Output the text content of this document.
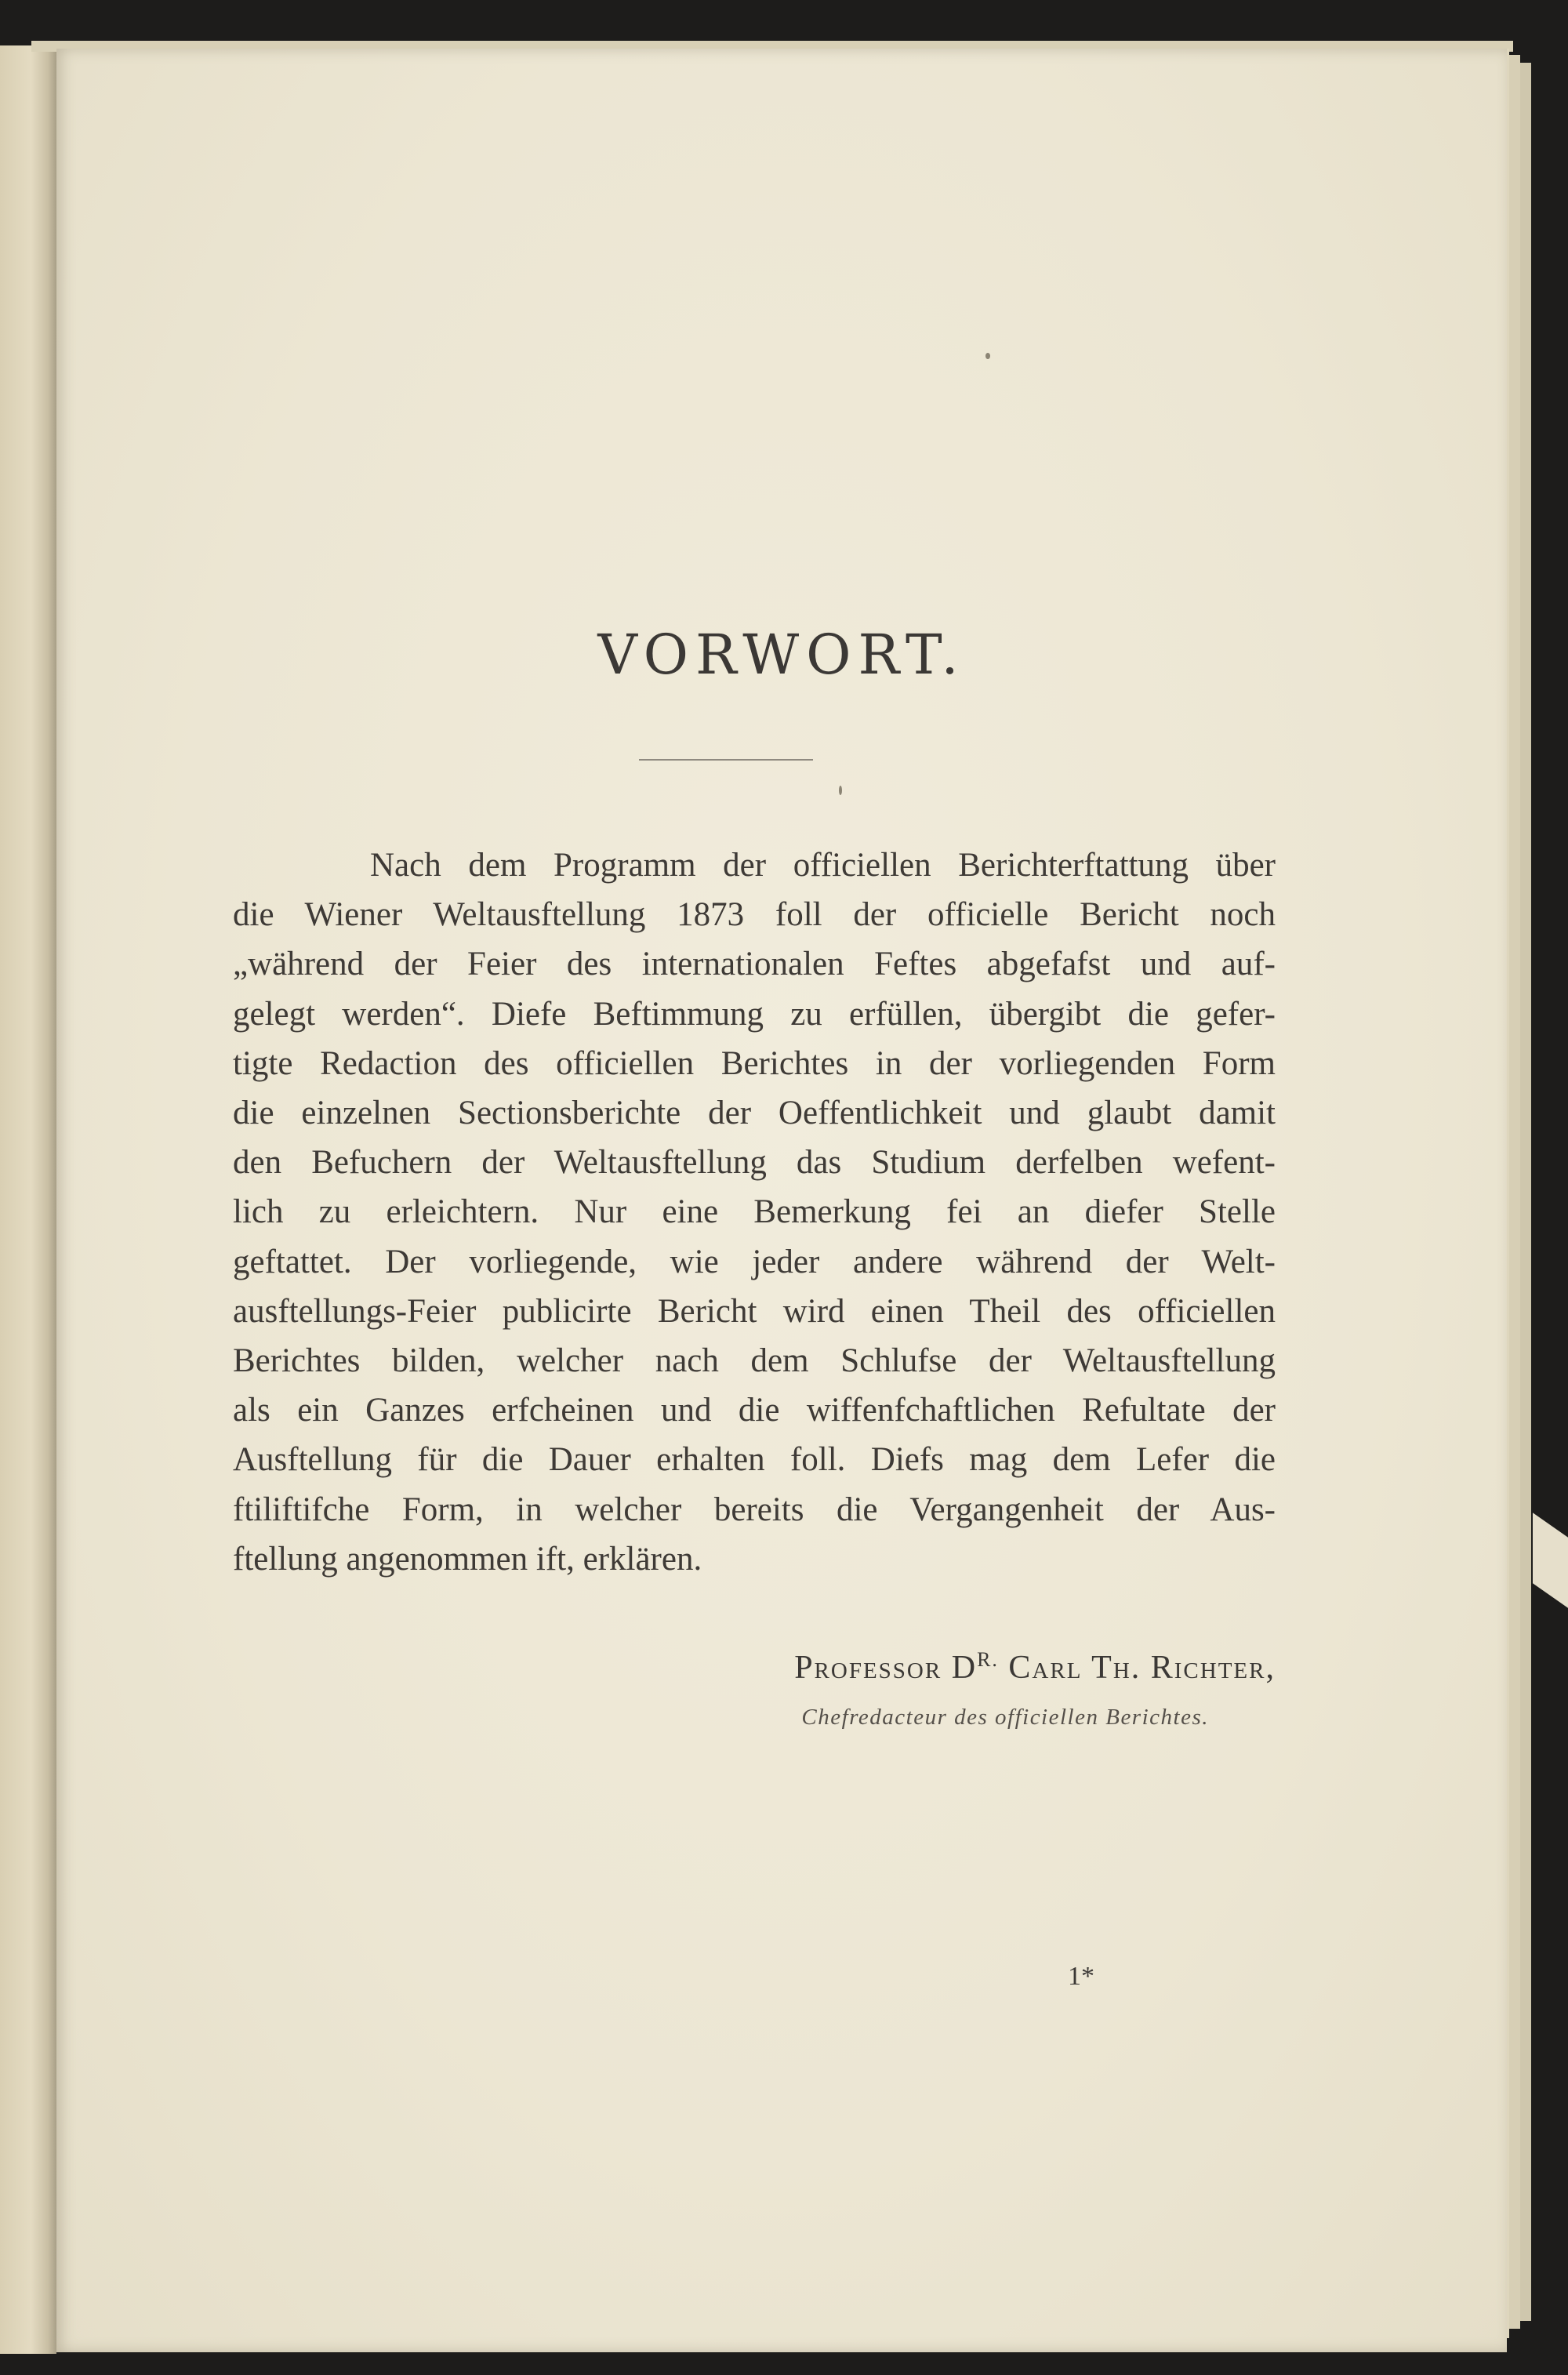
VORWORT.
Nach dem Programm der officiellen Berichterftattung über
die Wiener Weltausftellung 1873 foll der officielle Bericht noch
„während der Feier des internationalen Feftes abgefafst und auf-
gelegt werden“. Diefe Beftimmung zu erfüllen, übergibt die gefer-
tigte Redaction des officiellen Berichtes in der vorliegenden Form
die einzelnen Sectionsberichte der Oeffentlichkeit und glaubt damit
den Befuchern der Weltausftellung das Studium derfelben wefent-
lich zu erleichtern. Nur eine Bemerkung fei an diefer Stelle
geftattet. Der vorliegende, wie jeder andere während der Welt-
ausftellungs-Feier publicirte Bericht wird einen Theil des officiellen
Berichtes bilden, welcher nach dem Schlufse der Weltausftellung
als ein Ganzes erfcheinen und die wiffenfchaftlichen Refultate der
Ausftellung für die Dauer erhalten foll. Diefs mag dem Lefer die
ftiliftifche Form, in welcher bereits die Vergangenheit der Aus-
ftellung angenommen ift, erklären.
Professor $D^{R.}$ Carl Th. Richter,
Chefredacteur des officiellen Berichtes.
1*
